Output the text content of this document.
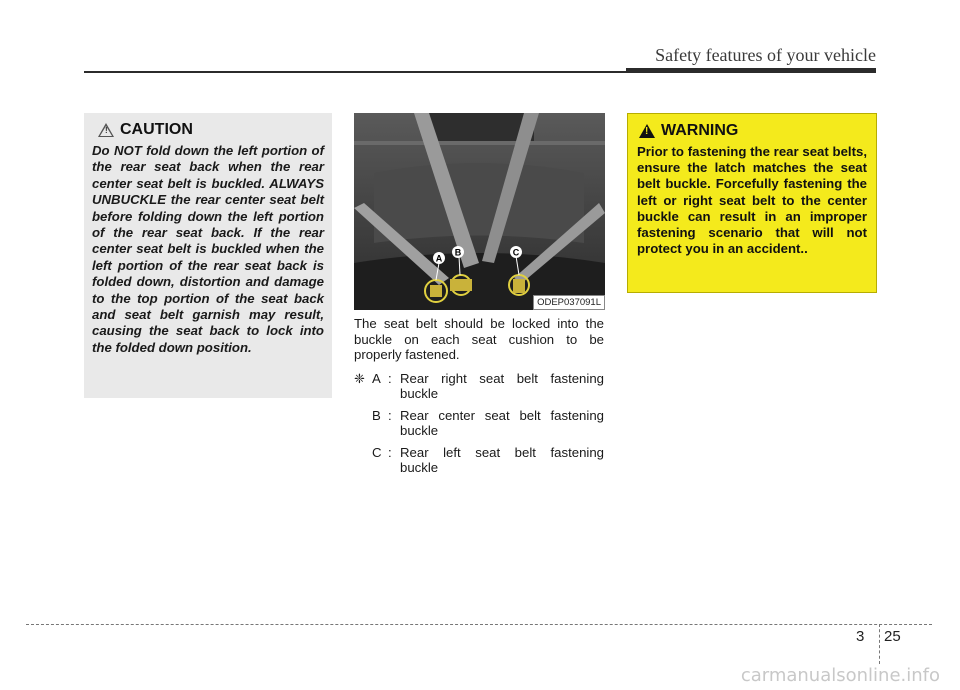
Safety features of your vehicle
! CAUTION
Do NOT fold down the left portion of the rear seat back when the rear center seat belt is buckled. ALWAYS UNBUCKLE the rear center seat belt before folding down the left portion of the rear seat back. If the rear center seat belt is buckled when the left portion of the rear seat back is folded down, distortion and damage to the top portion of the seat back and seat belt garnish may result, causing the seat back to lock into the folded down position.
A
B	C
ODEP037091L

The seat belt should be locked into the buckle on each seat cushion to be properly fastened.

❈ A : Rear right seat belt fastening
buckle
B : Rear center seat belt fastening
buckle
C : Rear left seat belt fastening
buckle
! WARNING
Prior to fastening the rear seat belts, ensure the latch matches the seat belt buckle. Forcefully fastening the left or right seat belt to the center buckle can result in an improper fastening scenario that will not protect you in an accident..
3 25
carmanualsonline.info
